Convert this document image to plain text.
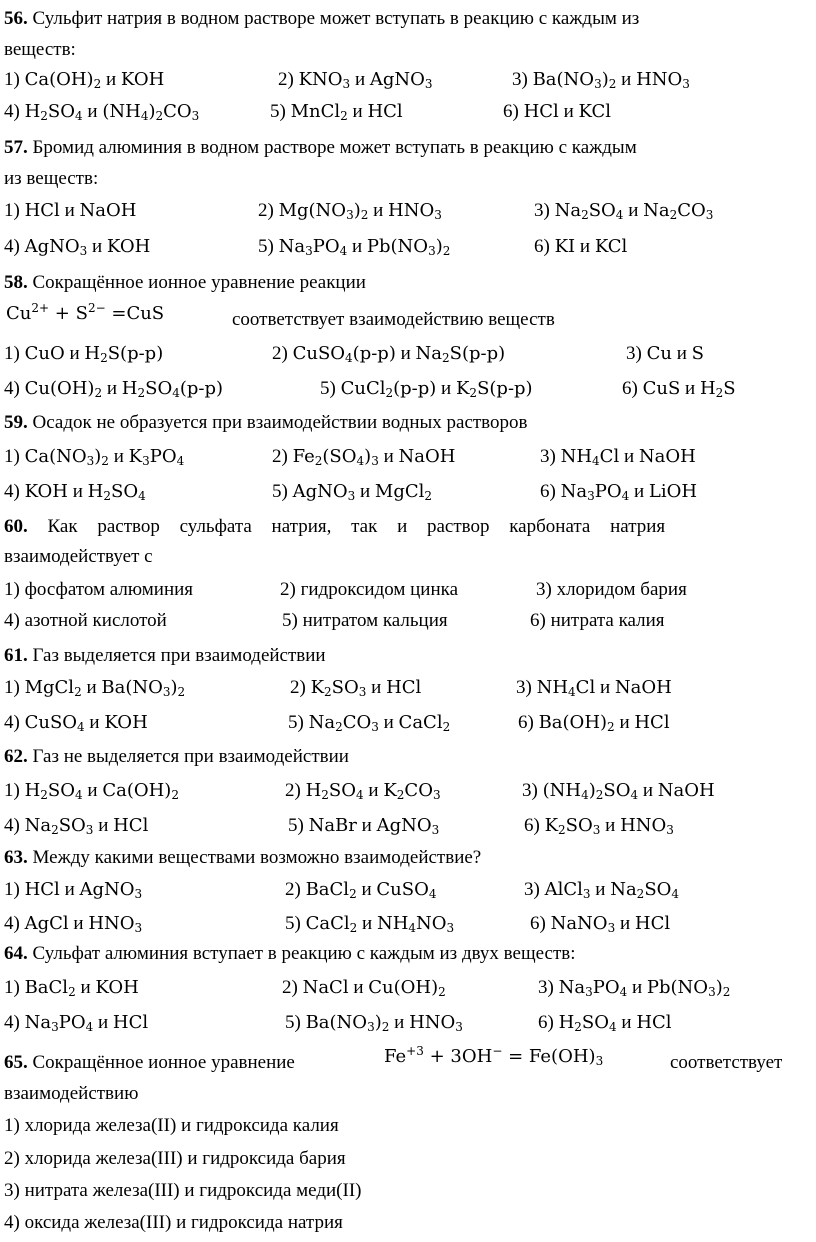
56. Сульфит натрия в водном растворе может вступать в реакцию с каждым из
веществ:
1) $Ca(OH)_2$ и KOH	2) $KNO_3$ и AgNO$_3$	3) $Ba(NO_3)_2$ и $HNO_3$
4) $H_2SO_4$ и $(NH_4)_2CO_3$	5) MnCl$_2$ и HCl	6) HCl и KCl
57. Бромид алюминия в водном растворе может вступать в реакцию с каждым
из веществ:
1) HCl и NaOH	2) $Mg(NO_3)_2$ и $HNO_3$	3) $Na_2SO_4$ и $Na_2CO_3$
4) AgNO$_3$ и KOH	5) $Na_3PO_4$ и $Pb(NO_3)_2$	6) KI и KCl
58. Сокращённое ионное уравнение реакции
$Cu^{2+} + S^{2-} =CuS$	соответствует взаимодействию веществ
1) CuO и $H_2S(р-р)$	2) CuSO$_4$(р-р) и $Na_2S(р-р)$	3) Cu и S
4) $Cu(OH)_2$ и $H_2SO_4(р-р)$	5) CuCl$_2$(р-р) и $K_2S(р-р)$	6) CuS и $H_2S$
59. Осадок не образуется при взаимодействии водных растворов
1) $Ca(NO_3)_2$ и $K_3PO_4$	2) $Fe_2(SO_4)_3$ и NaOH	3) $NH_4Cl$ и NaOH
4) KOH и $H_2SO_4$	5) AgNO$_3$ и MgCl$_2$	6) $Na_3PO_4$ и LiOH
60. Как раствор сульфата натрия, так и раствор карбоната натрия
взаимодействует с
1) фосфатом алюминия	2) гидроксидом цинка	3) хлоридом бария
4) азотной кислотой	5) нитратом кальция	6) нитрата калия
61. Газ выделяется при взаимодействии
1) MgCl$_2$ и $Ba(NO_3)_2$	2) $K_2SO_3$ и HCl	3) $NH_4Cl$ и NaOH
4) CuSO$_4$ и KOH	5) $Na_2CO_3$ и CaCl$_2$	6) $Ba(OH)_2$ и HCl
62. Газ не выделяется при взаимодействии
1) $H_2SO_4$ и $Ca(OH)_2$	2) $H_2SO_4$ и $K_2CO_3$	3) $(NH_4)_2SO_4$ и NaOH
4) $Na_2SO_3$ и HCl	5) NaBr и AgNO$_3$	6) $K_2SO_3$ и $HNO_3$
63. Между какими веществами возможно взаимодействие?
1) HCl и AgNO$_3$	2) BaCl$_2$ и CuSO$_4$	3) AlCl$_3$ и $Na_2SO_4$
4) AgCl и $HNO_3$	5) CaCl$_2$ и $NH_4NO_3$	6) NaNO$_3$ и HCl
64. Сульфат алюминия вступает в реакцию с каждым из двух веществ:
1) BaCl$_2$ и KOH	2) NaCl и $Cu(OH)_2$	3) $Na_3PO_4$ и $Pb(NO_3)_2$
4) $Na_3PO_4$ и HCl	5) $Ba(NO_3)_2$ и $HNO_3$	6) $H_2SO_4$ и HCl
65. Сокращённое ионное уравнение	$Fe^{+3} + 3OH^- = Fe(OH)_3$	соответствует
взаимодействию
1) хлорида железа(II) и гидроксида калия
2) хлорида железа(III) и гидроксида бария
3) нитрата железа(III) и гидроксида меди(II)
4) оксида железа(III) и гидроксида натрия
